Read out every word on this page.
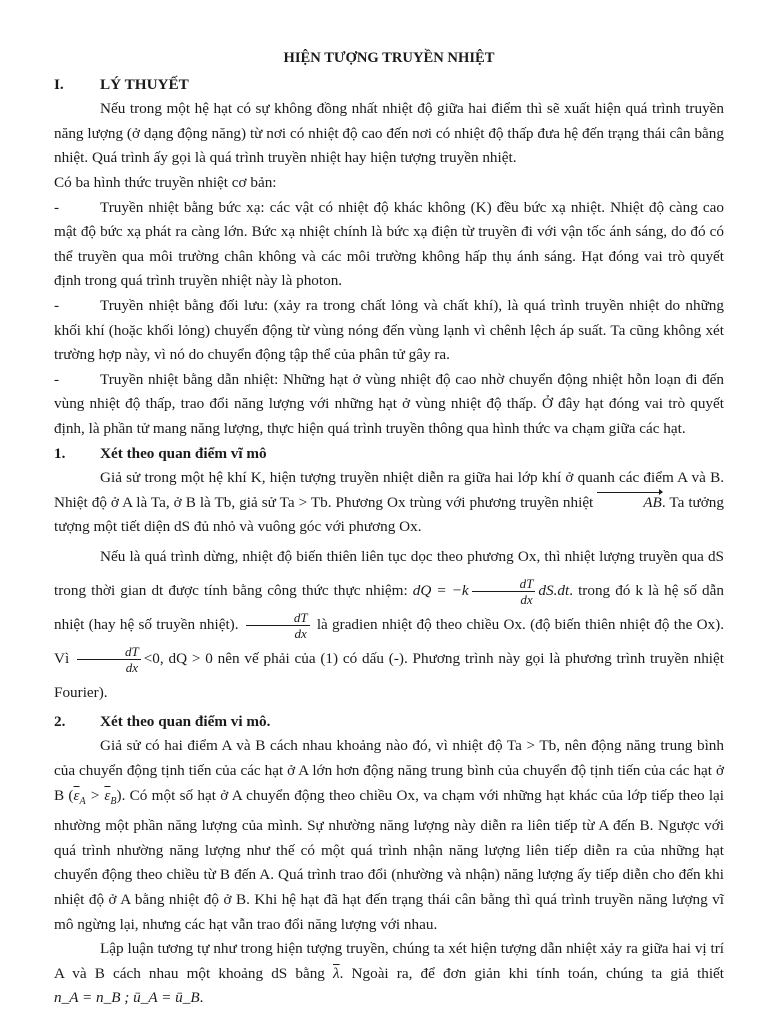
HIỆN TƯỢNG TRUYỀN NHIỆT
I.	LÝ THUYẾT

Nếu trong một hệ hạt có sự không đồng nhất nhiệt độ giữa hai điểm thì sẽ xuất hiện quá trình truyền năng lượng (ở dạng động năng) từ nơi có nhiệt độ cao đến nơi có nhiệt độ thấp đưa hệ đến trạng thái cân bằng nhiệt. Quá trình ấy gọi là quá trình truyền nhiệt hay hiện tượng truyền nhiệt.

Có ba hình thức truyền nhiệt cơ bản:

-	Truyền nhiệt bằng bức xạ: các vật có nhiệt độ khác không (K) đều bức xạ nhiệt. Nhiệt độ càng cao mật độ bức xạ phát ra càng lớn. Bức xạ nhiệt chính là bức xạ điện từ truyền đi với vận tốc ánh sáng, do đó có thể truyền qua môi trường chân không và các môi trường không hấp thụ ánh sáng. Hạt đóng vai trò quyết định trong quá trình truyền nhiệt này là photon.

-	Truyền nhiệt bằng đối lưu: (xảy ra trong chất lỏng và chất khí), là quá trình truyền nhiệt do những khối khí (hoặc khối lỏng) chuyển động từ vùng nóng đến vùng lạnh vì chênh lệch áp suất. Ta cũng không xét trường hợp này, vì nó do chuyển động tập thể của phân tử gây ra.

-	Truyền nhiệt bằng dẫn nhiệt: Những hạt ở vùng nhiệt độ cao nhờ chuyển động nhiệt hỗn loạn đi đến vùng nhiệt độ thấp, trao đổi năng lượng với những hạt ở vùng nhiệt độ thấp. Ở đây hạt đóng vai trò quyết định, là phần tử mang năng lượng, thực hiện quá trình truyền thông qua hình thức va chạm giữa các hạt.

1.	Xét theo quan điểm vĩ mô

Giả sử trong một hệ khí K, hiện tượng truyền nhiệt diễn ra giữa hai lớp khí ở quanh các điểm A và B. Nhiệt độ ở A là Ta, ở B là Tb, giả sử Ta > Tb. Phương Ox trùng với phương truyền nhiệt	AB. Ta tưởng tượng một tiết diện dS đủ nhỏ và vuông góc với phương Ox.

Nếu là quá trình dừng, nhiệt độ biến thiên liên tục dọc theo phương Ox, thì nhiệt lượng truyền qua dS trong thời gian dt được tính bằng công thức thực nhiệm: dQ = $-k \frac{dT}{dx} dS.dt$. trong đó k là hệ số dẫn nhiệt (hay hệ số truyền nhiệt). $\frac{dT}{dx}$ là gradien nhiệt độ theo chiều Ox. (độ biến thiên nhiệt độ the Ox). Vì $\frac{dT}{dx} <0$, dQ > 0 nên vế phải của (1) có dấu (-). Phương trình này gọi là phương trình truyền nhiệt Fourier).

2.	Xét theo quan điểm vi mô.

Giả sử có hai điểm A và B cách nhau khoảng nào đó, vì nhiệt độ Ta > Tb, nên động năng trung bình của chuyển động tịnh tiến của các hạt ở A lớn hơn động năng trung bình của chuyển độ tịnh tiến của các hạt ở B $(\overline{\varepsilon}_A > \overline{\varepsilon}_B)$. Có một số hạt ở A chuyển động theo chiều Ox, va chạm với những hạt khác của lớp tiếp theo lại nhường một phần năng lượng của mình. Sự nhường năng lượng này diễn ra liên tiếp từ A đến B. Ngược với quá trình nhường năng lượng như thế có một quá trình nhận năng lượng liên tiếp diễn ra của những hạt chuyển động theo chiều từ B đến A. Quá trình trao đổi (nhường và nhận) năng lượng ấy tiếp diễn cho đến khi nhiệt độ ở A bằng nhiệt độ ở B. Khi hệ hạt đã hạt đến trạng thái cân bằng thì quá trình truyền năng lượng vĩ mô ngừng lại, nhưng các hạt vẫn trao đổi năng lượng với nhau.

Lập luận tương tự như trong hiện tượng truyền, chúng ta xét hiện tượng dẫn nhiệt xảy ra giữa hai vị trí A và B cách nhau một khoảng dS bằng $\overline{\lambda}$. Ngoài ra, để đơn giản khi tính toán, chúng ta giả thiết n_A = n_B ; ū_A = ū_B.
